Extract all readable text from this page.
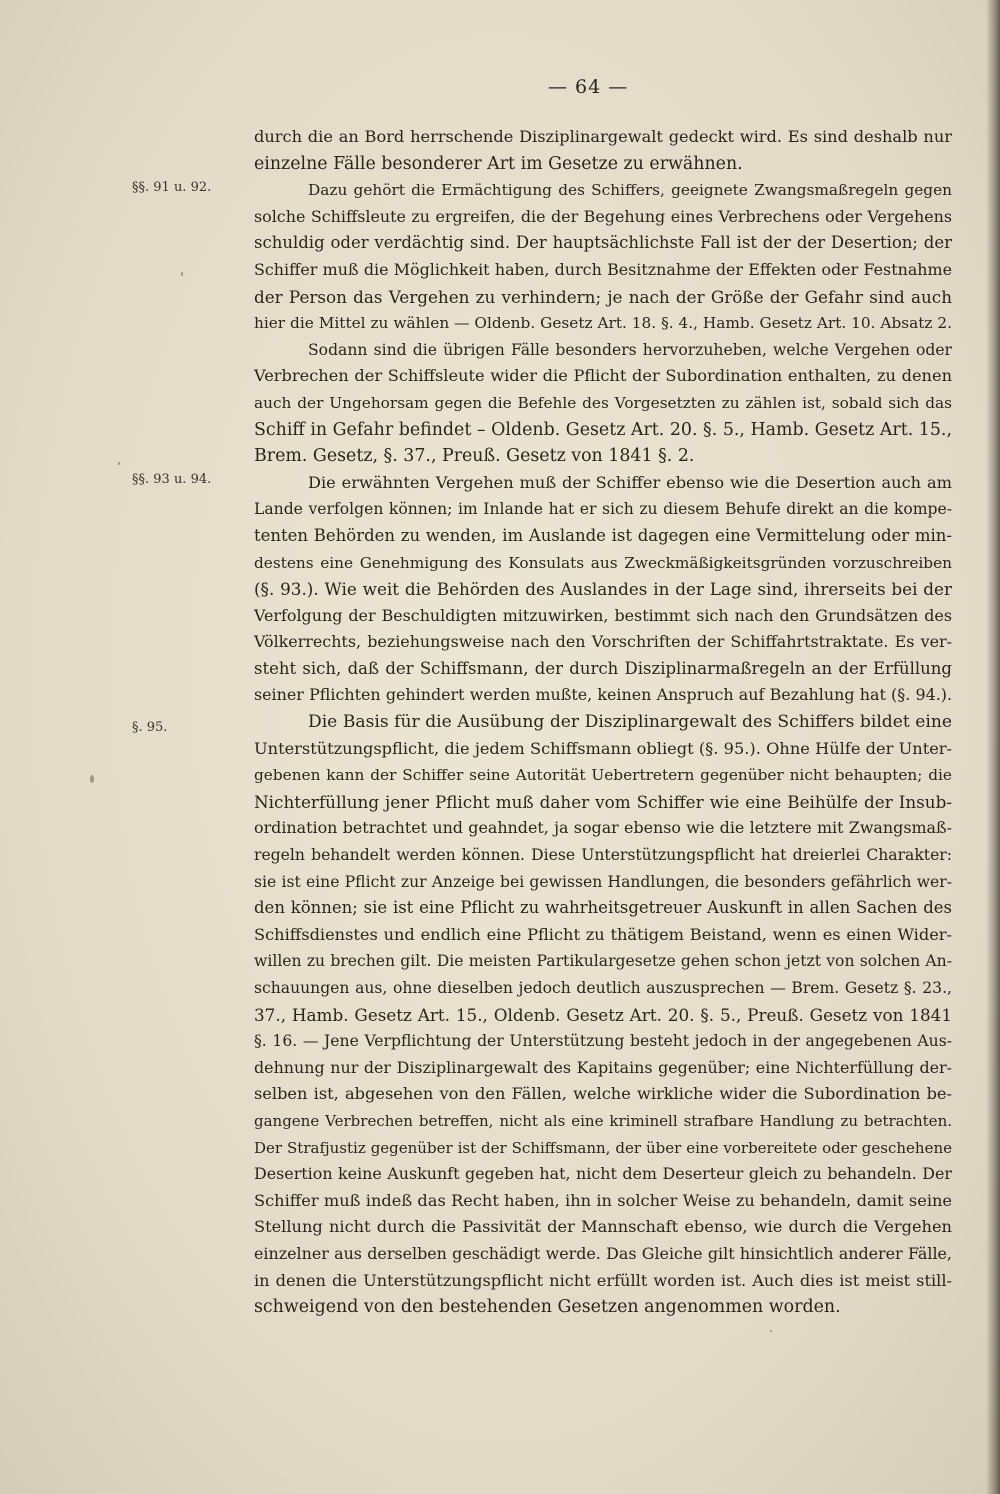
— 64 —
§§. 91 u. 92.
§§. 93 u. 94.
§. 95.
durch die an Bord herrschende Disziplinargewalt gedeckt wird. Es sind deshalb nur
einzelne Fälle besonderer Art im Gesetze zu erwähnen.
Dazu gehört die Ermächtigung des Schiffers, geeignete Zwangsmaßregeln gegen
solche Schiffsleute zu ergreifen, die der Begehung eines Verbrechens oder Vergehens
schuldig oder verdächtig sind. Der hauptsächlichste Fall ist der der Desertion; der
Schiffer muß die Möglichkeit haben, durch Besitznahme der Effekten oder Festnahme
der Person das Vergehen zu verhindern; je nach der Größe der Gefahr sind auch
hier die Mittel zu wählen — Oldenb. Gesetz Art. 18. §. 4., Hamb. Gesetz Art. 10. Absatz 2.
Sodann sind die übrigen Fälle besonders hervorzuheben, welche Vergehen oder
Verbrechen der Schiffsleute wider die Pflicht der Subordination enthalten, zu denen
auch der Ungehorsam gegen die Befehle des Vorgesetzten zu zählen ist, sobald sich das
Schiff in Gefahr befindet – Oldenb. Gesetz Art. 20. §. 5., Hamb. Gesetz Art. 15.,
Brem. Gesetz, §. 37., Preuß. Gesetz von 1841 §. 2.
Die erwähnten Vergehen muß der Schiffer ebenso wie die Desertion auch am
Lande verfolgen können; im Inlande hat er sich zu diesem Behufe direkt an die kompe-
tenten Behörden zu wenden, im Auslande ist dagegen eine Vermittelung oder min-
destens eine Genehmigung des Konsulats aus Zweckmäßigkeitsgründen vorzuschreiben
(§. 93.). Wie weit die Behörden des Auslandes in der Lage sind, ihrerseits bei der
Verfolgung der Beschuldigten mitzuwirken, bestimmt sich nach den Grundsätzen des
Völkerrechts, beziehungsweise nach den Vorschriften der Schiffahrtstraktate. Es ver-
steht sich, daß der Schiffsmann, der durch Disziplinarmaßregeln an der Erfüllung
seiner Pflichten gehindert werden mußte, keinen Anspruch auf Bezahlung hat (§. 94.).
Die Basis für die Ausübung der Disziplinargewalt des Schiffers bildet eine
Unterstützungspflicht, die jedem Schiffsmann obliegt (§. 95.). Ohne Hülfe der Unter-
gebenen kann der Schiffer seine Autorität Uebertretern gegenüber nicht behaupten; die
Nichterfüllung jener Pflicht muß daher vom Schiffer wie eine Beihülfe der Insub-
ordination betrachtet und geahndet, ja sogar ebenso wie die letztere mit Zwangsmaß-
regeln behandelt werden können. Diese Unterstützungspflicht hat dreierlei Charakter:
sie ist eine Pflicht zur Anzeige bei gewissen Handlungen, die besonders gefährlich wer-
den können; sie ist eine Pflicht zu wahrheitsgetreuer Auskunft in allen Sachen des
Schiffsdienstes und endlich eine Pflicht zu thätigem Beistand, wenn es einen Wider-
willen zu brechen gilt. Die meisten Partikulargesetze gehen schon jetzt von solchen An-
schauungen aus, ohne dieselben jedoch deutlich auszusprechen — Brem. Gesetz §. 23.,
37., Hamb. Gesetz Art. 15., Oldenb. Gesetz Art. 20. §. 5., Preuß. Gesetz von 1841
§. 16. — Jene Verpflichtung der Unterstützung besteht jedoch in der angegebenen Aus-
dehnung nur der Disziplinargewalt des Kapitains gegenüber; eine Nichterfüllung der-
selben ist, abgesehen von den Fällen, welche wirkliche wider die Subordination be-
gangene Verbrechen betreffen, nicht als eine kriminell strafbare Handlung zu betrachten.
Der Strafjustiz gegenüber ist der Schiffsmann, der über eine vorbereitete oder geschehene
Desertion keine Auskunft gegeben hat, nicht dem Deserteur gleich zu behandeln. Der
Schiffer muß indeß das Recht haben, ihn in solcher Weise zu behandeln, damit seine
Stellung nicht durch die Passivität der Mannschaft ebenso, wie durch die Vergehen
einzelner aus derselben geschädigt werde. Das Gleiche gilt hinsichtlich anderer Fälle,
in denen die Unterstützungspflicht nicht erfüllt worden ist. Auch dies ist meist still-
schweigend von den bestehenden Gesetzen angenommen worden.
